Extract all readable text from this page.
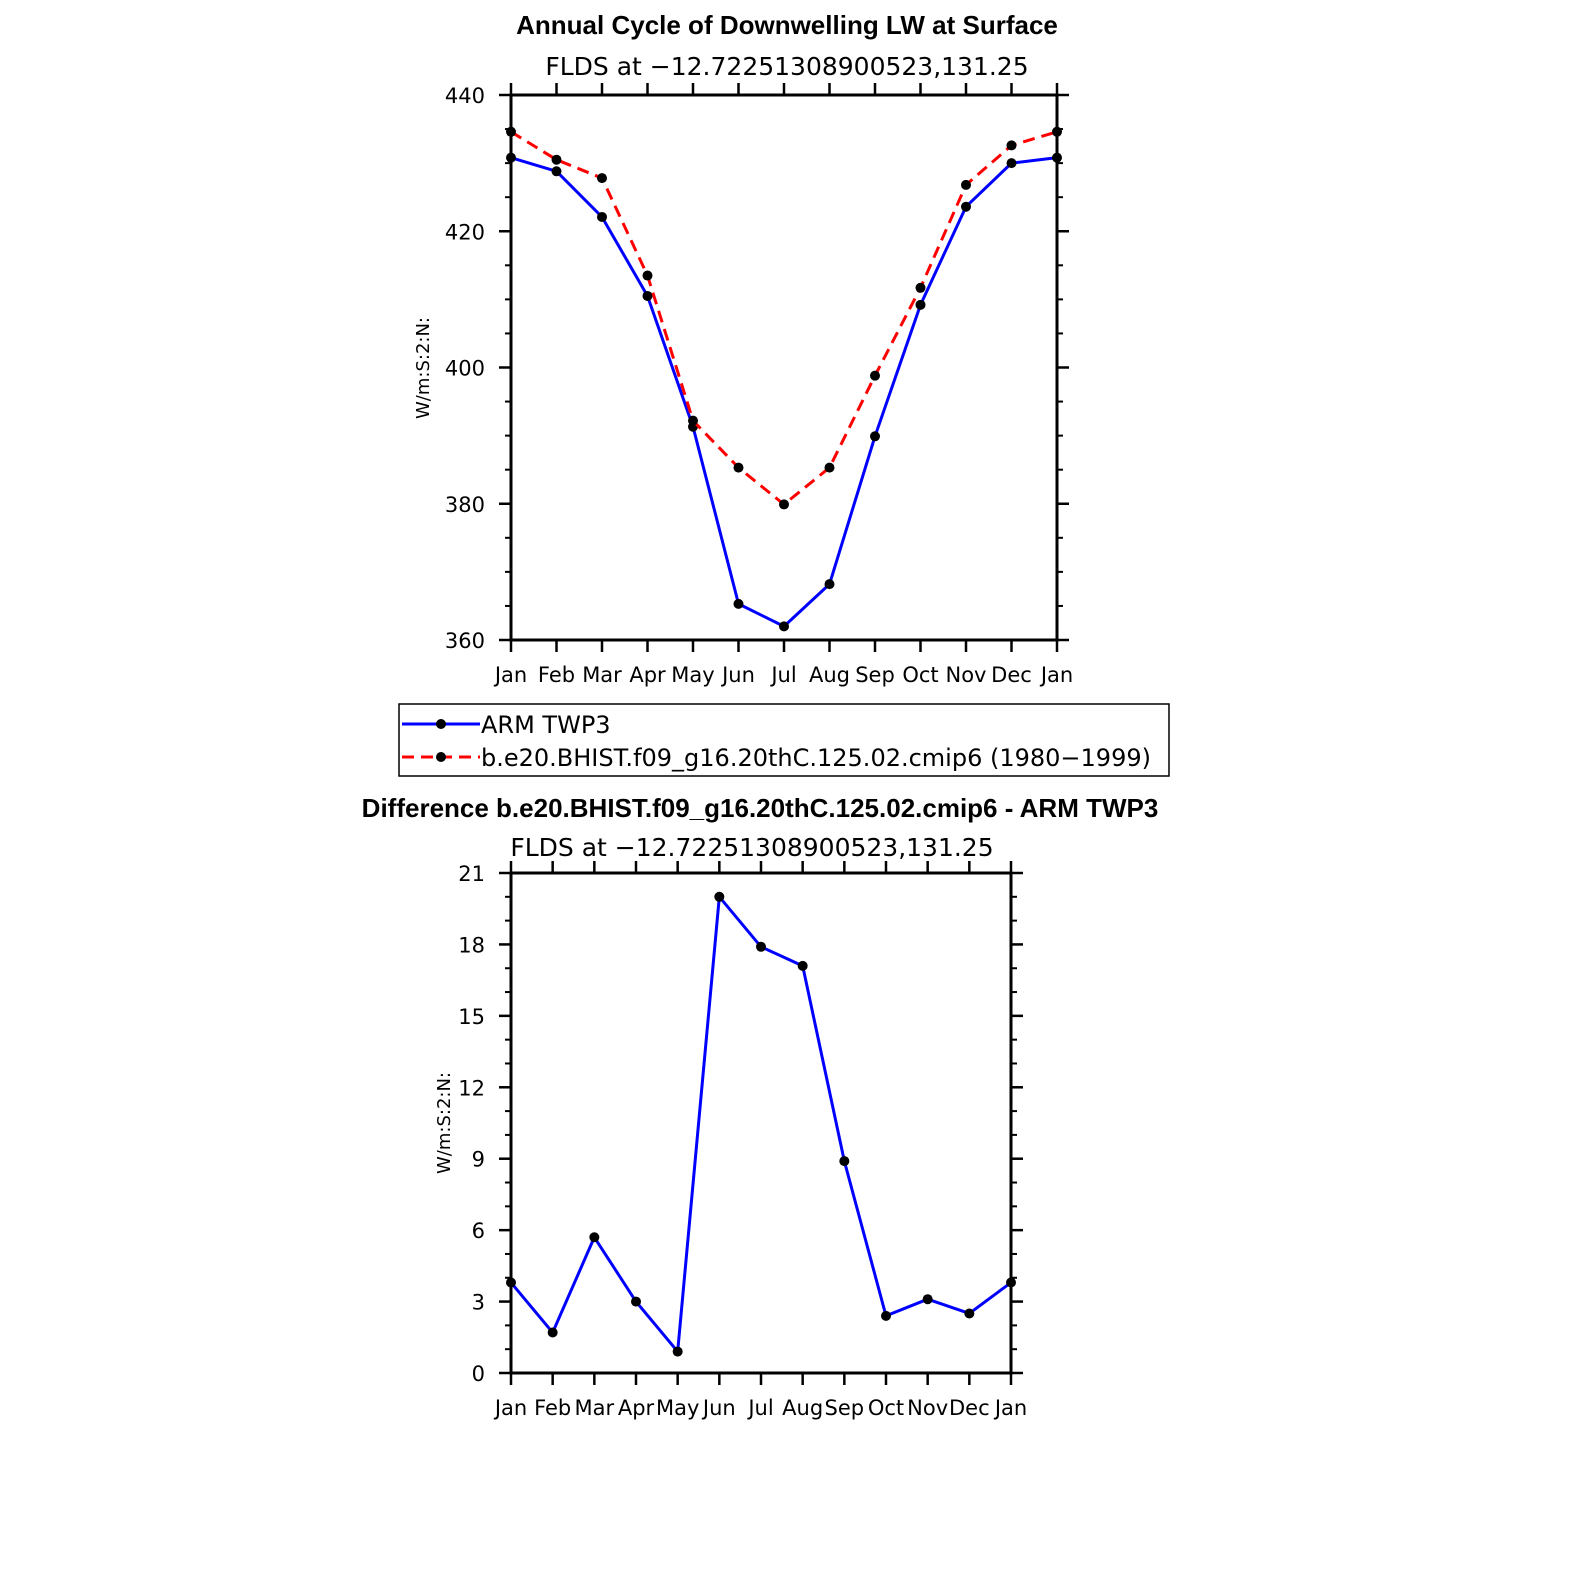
Annual Cycle of Downwelling LW at Surface
FLDS at −12.72251308900523,131.25
W/m:S:2:N:
360
380
400
420
440
Jan Feb Mar Apr May Jun Jul Aug Sep Oct Nov Dec Jan
ARM TWP3
b.e20.BHIST.f09_g16.20thC.125.02.cmip6 (1980−1999)
Difference b.e20.BHIST.f09_g16.20thC.125.02.cmip6 - ARM TWP3
FLDS at −12.72251308900523,131.25
W/m:S:2:N:
0
3
6
9
12
15
18
21
Jan Feb Mar Apr May Jun Jul Aug Sep Oct Nov Dec Jan
